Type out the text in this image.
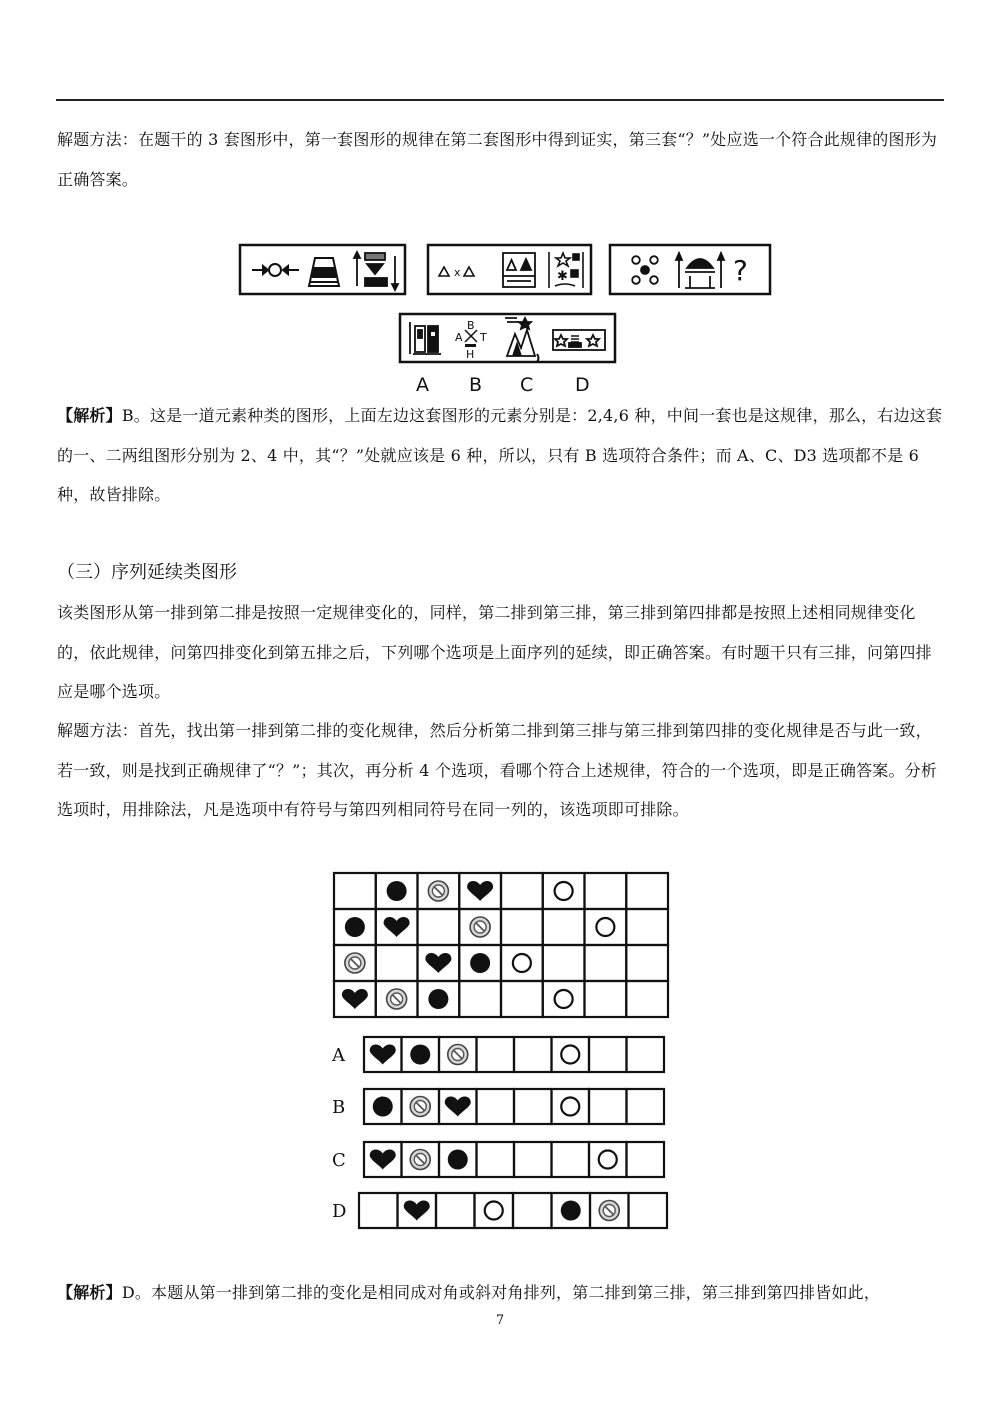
解题方法：在题干的 3 套图形中，第一套图形的规律在第二套图形中得到证实，第三套“？”处应选一个符合此规律的图形为正确答案。

x	✱	?
B
A T
H
A B C D

【解析】B。这是一道元素种类的图形，上面左边这套图形的元素分别是：2,4,6 种，中间一套也是这规律，那么，右边这套的一、二两组图形分别为 2、4 中，其“？”处就应该是 6 种，所以，只有 B 选项符合条件；而 A、C、D3 选项都不是 6 种，故皆排除。

（三）序列延续类图形

该类图形从第一排到第二排是按照一定规律变化的，同样，第二排到第三排，第三排到第四排都是按照上述相同规律变化的，依此规律，问第四排变化到第五排之后，下列哪个选项是上面序列的延续，即正确答案。有时题干只有三排，问第四排应是哪个选项。

解题方法：首先，找出第一排到第二排的变化规律，然后分析第二排到第三排与第三排到第四排的变化规律是否与此一致，若一致，则是找到正确规律了“？”；其次，再分析 4 个选项，看哪个符合上述规律，符合的一个选项，即是正确答案。分析选项时，用排除法，凡是选项中有符号与第四列相同符号在同一列的，该选项即可排除。

A
B
C
D

【解析】D。本题从第一排到第二排的变化是相同成对角或斜对角排列，第二排到第三排，第三排到第四排皆如此，

7
